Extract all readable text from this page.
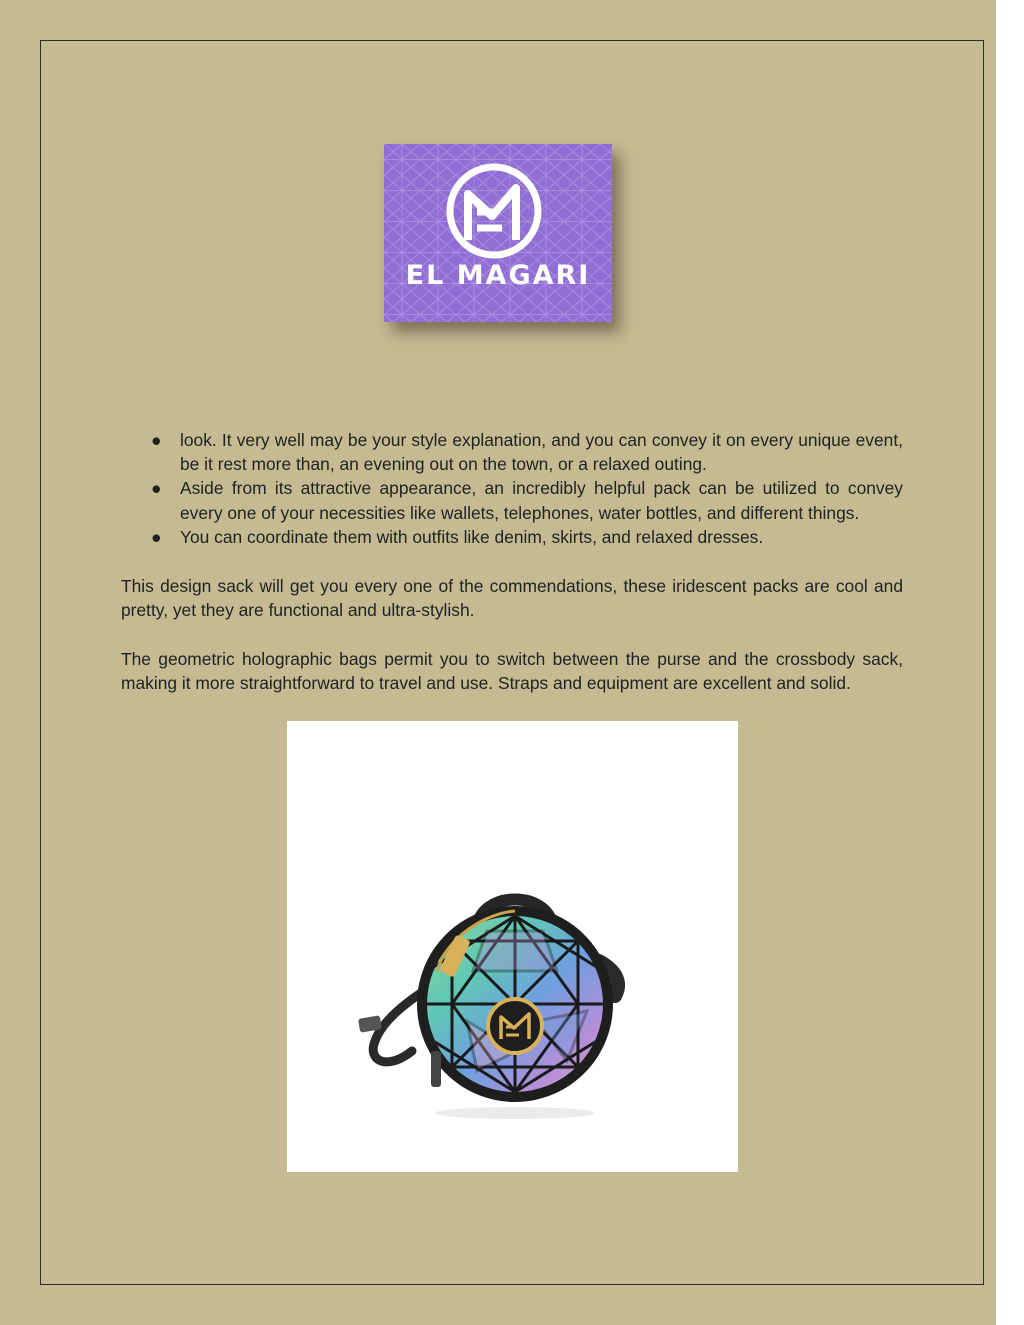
EL MAGARI
● look. It very well may be your style explanation, and you can convey it on every unique event, be it rest more than, an evening out on the town, or a relaxed outing.
● Aside from its attractive appearance, an incredibly helpful pack can be utilized to convey every one of your necessities like wallets, telephones, water bottles, and different things.
● You can coordinate them with outfits like denim, skirts, and relaxed dresses.

This design sack will get you every one of the commendations, these iridescent packs are cool and pretty, yet they are functional and ultra-stylish.

The geometric holographic bags permit you to switch between the purse and the crossbody sack, making it more straightforward to travel and use. Straps and equipment are excellent and solid.
